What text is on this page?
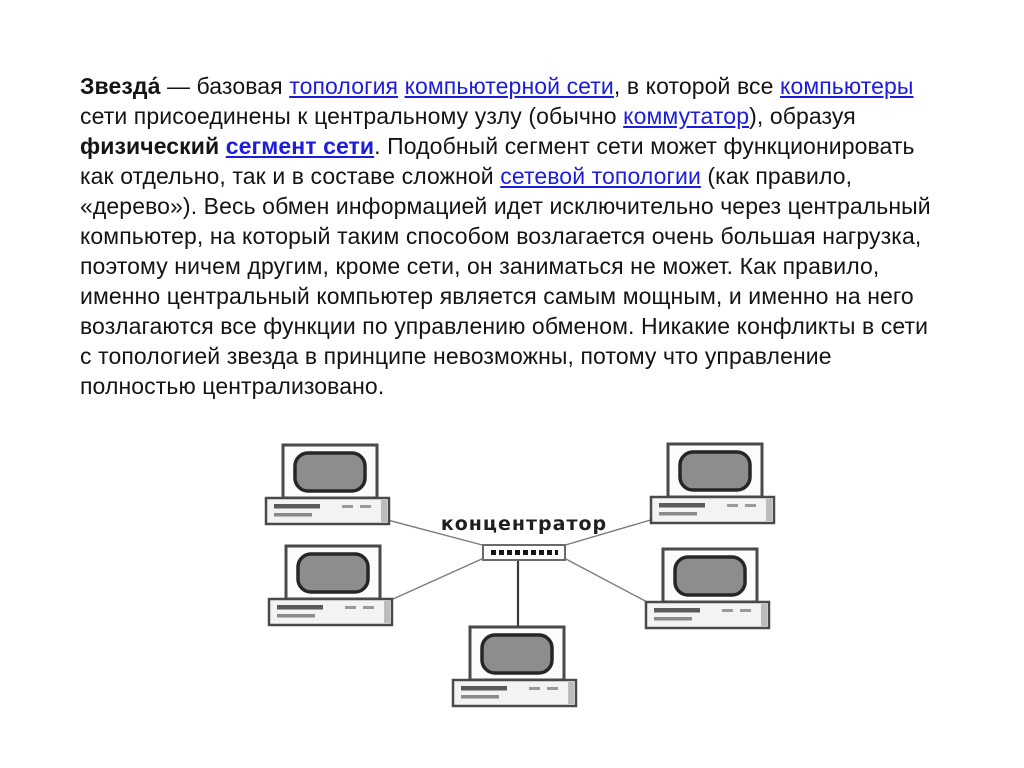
Звезда́ — базовая топология компьютерной сети, в которой все компьютеры
сети присоединены к центральному узлу (обычно коммутатор), образуя
физический сегмент сети. Подобный сегмент сети может функционировать
как отдельно, так и в составе сложной сетевой топологии (как правило,
«дерево»). Весь обмен информацией идет исключительно через центральный
компьютер, на который таким способом возлагается очень большая нагрузка,
поэтому ничем другим, кроме сети, он заниматься не может. Как правило,
именно центральный компьютер является самым мощным, и именно на него
возлагаются все функции по управлению обменом. Никакие конфликты в сети
с топологией звезда в принципе невозможны, потому что управление
полностью централизовано.
концентратор
